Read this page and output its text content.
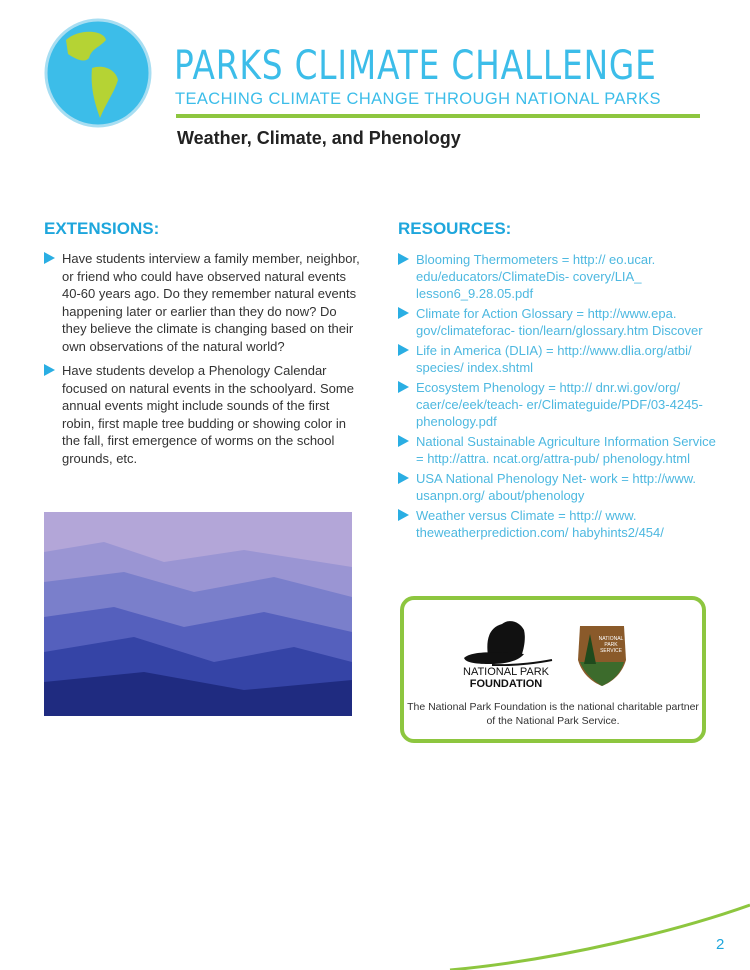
PARKS CLIMATE CHALLENGE
TEACHING CLIMATE CHANGE THROUGH NATIONAL PARKS
Weather, Climate, and Phenology
EXTENSIONS:
Have students interview a family member, neighbor, or friend who could have observed natural events 40-60 years ago. Do they remember natural events happening later or earlier than they do now? Do they believe the climate is changing based on their own observations of the natural world?
Have students develop a Phenology Calendar focused on natural events in the schoolyard. Some annual events might include sounds of the first robin, first maple tree budding or showing color in the fall, first emergence of worms on the school grounds, etc.
RESOURCES:
Blooming Thermometers = http:// eo.ucar. edu/educators/ClimateDis- covery/LIA_ lesson6_9.28.05.pdf
Climate for Action Glossary = http://www.epa. gov/climateforac- tion/learn/glossary.htm Discover
Life in America (DLIA) = http://www.dlia.org/atbi/ species/ index.shtml
Ecosystem Phenology = http:// dnr.wi.gov/org/ caer/ce/eek/teach- er/Climateguide/PDF/03-4245- phenology.pdf
National Sustainable Agriculture Information Service = http://attra. ncat.org/attra-pub/ phenology.html
USA National Phenology Net- work = http://www. usanpn.org/ about/phenology
Weather versus Climate = http:// www. theweatherprediction.com/ habyhints2/454/
NATIONAL PARK
FOUNDATION
NATIONAL
PARK
SERVICE
The National Park Foundation is the national charitable partner of the National Park Service.
2
